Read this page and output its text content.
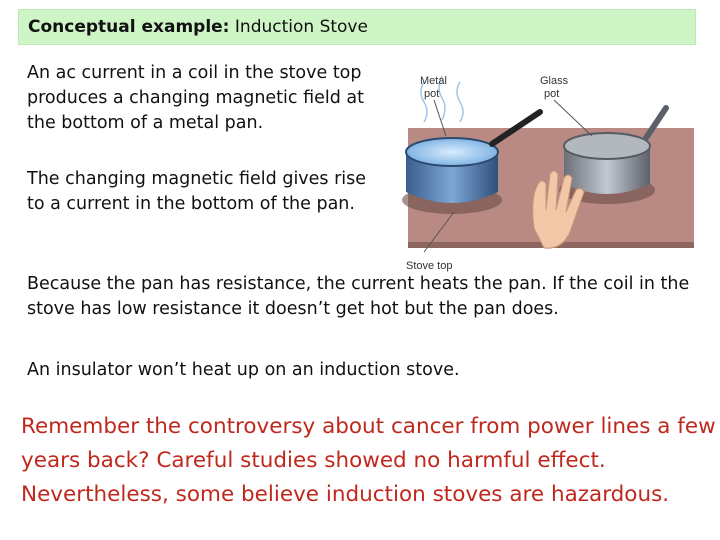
Conceptual example: Induction Stove

An ac current in a coil in the stove top produces a changing magnetic field at the bottom of a metal pan.

The changing magnetic field gives rise to a current in the bottom of the pan.

Because the pan has resistance, the current heats the pan. If the coil in the stove has low resistance it doesn’t get hot but the pan does.

An insulator won’t heat up on an induction stove.

Remember the controversy about cancer from power lines a few years back? Careful studies showed no harmful effect. Nevertheless, some believe induction stoves are hazardous.

Metal
pot
Glass
pot
Stove top
